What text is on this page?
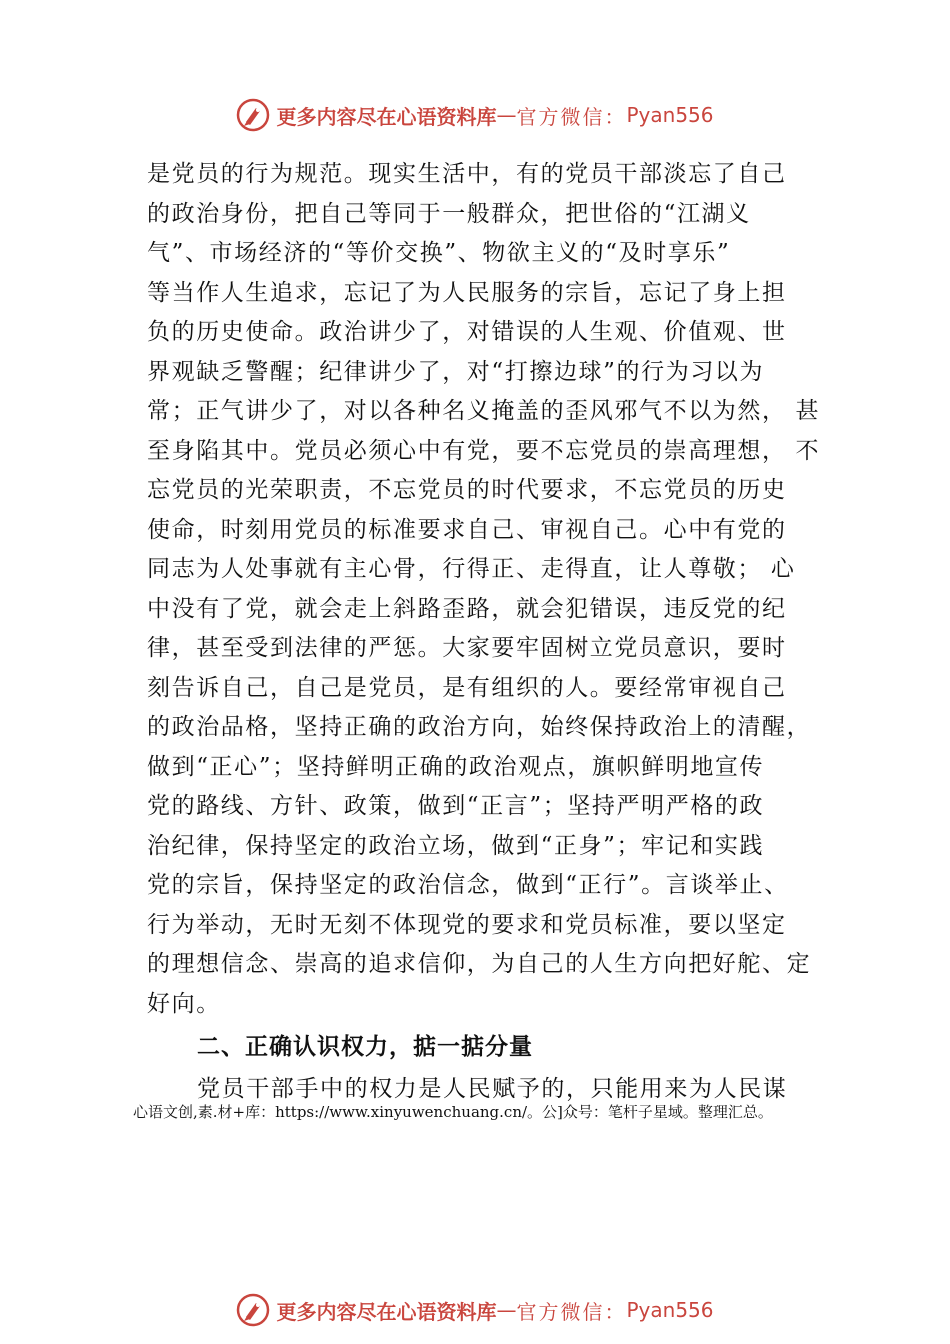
更多内容尽在心语资料库 — 官方微信： Pyan556
是党员的行为规范。现实生活中，有的党员干部淡忘了自己
的政治身份，把自己等同于一般群众，把世俗的“江湖义
气”、市场经济的“等价交换”、物欲主义的“及时享乐”
等当作人生追求，忘记了为人民服务的宗旨，忘记了身上担
负的历史使命。政治讲少了，对错误的人生观、价值观、世
界观缺乏警醒；纪律讲少了，对“打擦边球”的行为习以为
常；正气讲少了，对以各种名义掩盖的歪风邪气不以为然， 甚
至身陷其中。党员必须心中有党，要不忘党员的崇高理想， 不
忘党员的光荣职责，不忘党员的时代要求，不忘党员的历史
使命，时刻用党员的标准要求自己、审视自己。心中有党的
同志为人处事就有主心骨，行得正、走得直，让人尊敬； 心
中没有了党，就会走上斜路歪路，就会犯错误，违反党的纪
律，甚至受到法律的严惩。大家要牢固树立党员意识，要时
刻告诉自己，自己是党员，是有组织的人。要经常审视自己
的政治品格，坚持正确的政治方向，始终保持政治上的清醒，
做到“正心”；坚持鲜明正确的政治观点，旗帜鲜明地宣传
党的路线、方针、政策，做到“正言”；坚持严明严格的政
治纪律，保持坚定的政治立场，做到“正身”；牢记和实践
党的宗旨，保持坚定的政治信念，做到“正行”。言谈举止、
行为举动，无时无刻不体现党的要求和党员标准，要以坚定
的理想信念、崇高的追求信仰，为自己的人生方向把好舵、定
好向。
二、正确认识权力，掂一掂分量
党员干部手中的权力是人民赋予的，只能用来为人民谋
心语文创,素.材+库：https://www.xinyuwenchuang.cn/。公]众号：笔杆子星域。整理汇总。
更多内容尽在心语资料库 — 官方微信： Pyan556
